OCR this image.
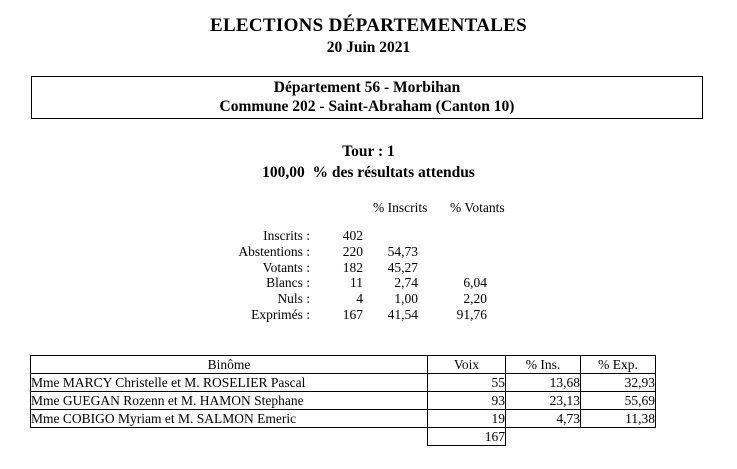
ELECTIONS DÉPARTEMENTALES
20 Juin 2021
Département 56 - Morbihan
Commune 202 - Saint-Abraham (Canton 10)
Tour : 1
100,00  % des résultats attendus
% Inscrits % Votants
Inscrits :	402
Abstentions :	220	54,73
Votants :	182	45,27
Blancs :	11	2,74	6,04
Nuls :	4	1,00	2,20
Exprimés :	167	41,54	91,76
Binôme	Voix	% Ins.	% Exp.
Mme MARCY Christelle et M. ROSELIER Pascal	55	13,68	32,93
Mme GUEGAN Rozenn et M. HAMON Stephane	93	23,13	55,69
Mme COBIGO Myriam et M. SALMON Emeric	19	4,73	11,38
	167		
